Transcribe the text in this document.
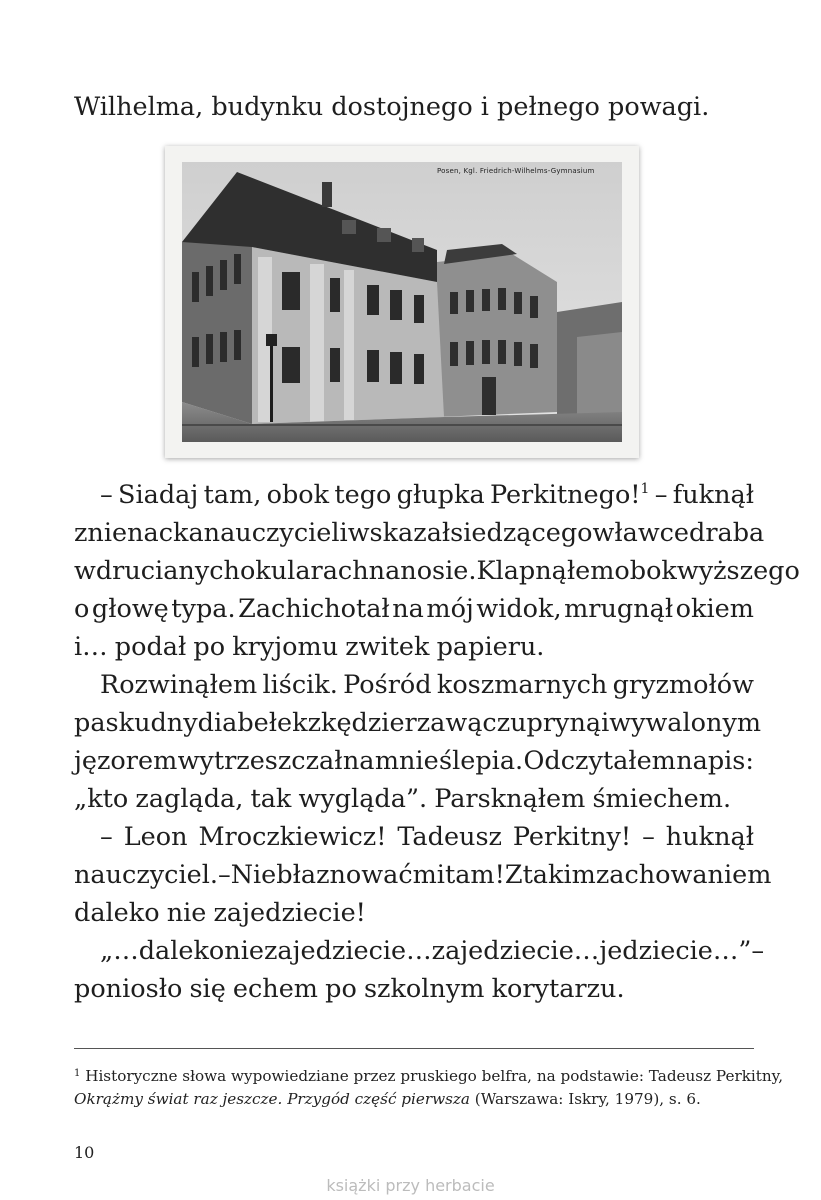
Wilhelma, budynku dostojnego i pełnego powagi.
Posen, Kgl. Friedrich-Wilhelms-Gymnasium
– Siadaj tam, obok tego głupka Perkitnego!$^1$ – fuknął
znienacka nauczyciel i wskazał siedzącego w ławce draba
w drucianych okularach na nosie. Klapnąłem obok wyższego
o głowę typa. Zachichotał na mój widok, mrugnął okiem
i… podał po kryjomu zwitek papieru.
Rozwinąłem liścik. Pośród koszmarnych gryzmołów
paskudny diabełek z kędzierzawą czupryną i wywalonym
jęzorem wytrzeszczał na mnie ślepia. Odczytałem napis:
„kto zagląda, tak wygląda”. Parsknąłem śmiechem.
– Leon Mroczkiewicz! Tadeusz Perkitny! – huknął
nauczyciel. – Nie błaznować mi tam! Z takim zachowaniem
daleko nie zajedziecie!
„…daleko nie zajedziecie… zajedziecie… jedziecie…” –
poniosło się echem po szkolnym korytarzu.
$^1$ Historyczne słowa wypowiedziane przez pruskiego belfra, na podstawie: Tadeusz Perkitny,
Okrążmy świat raz jeszcze. Przygód część pierwsza (Warszawa: Iskry, 1979), s. 6.
10
książki przy herbacie
